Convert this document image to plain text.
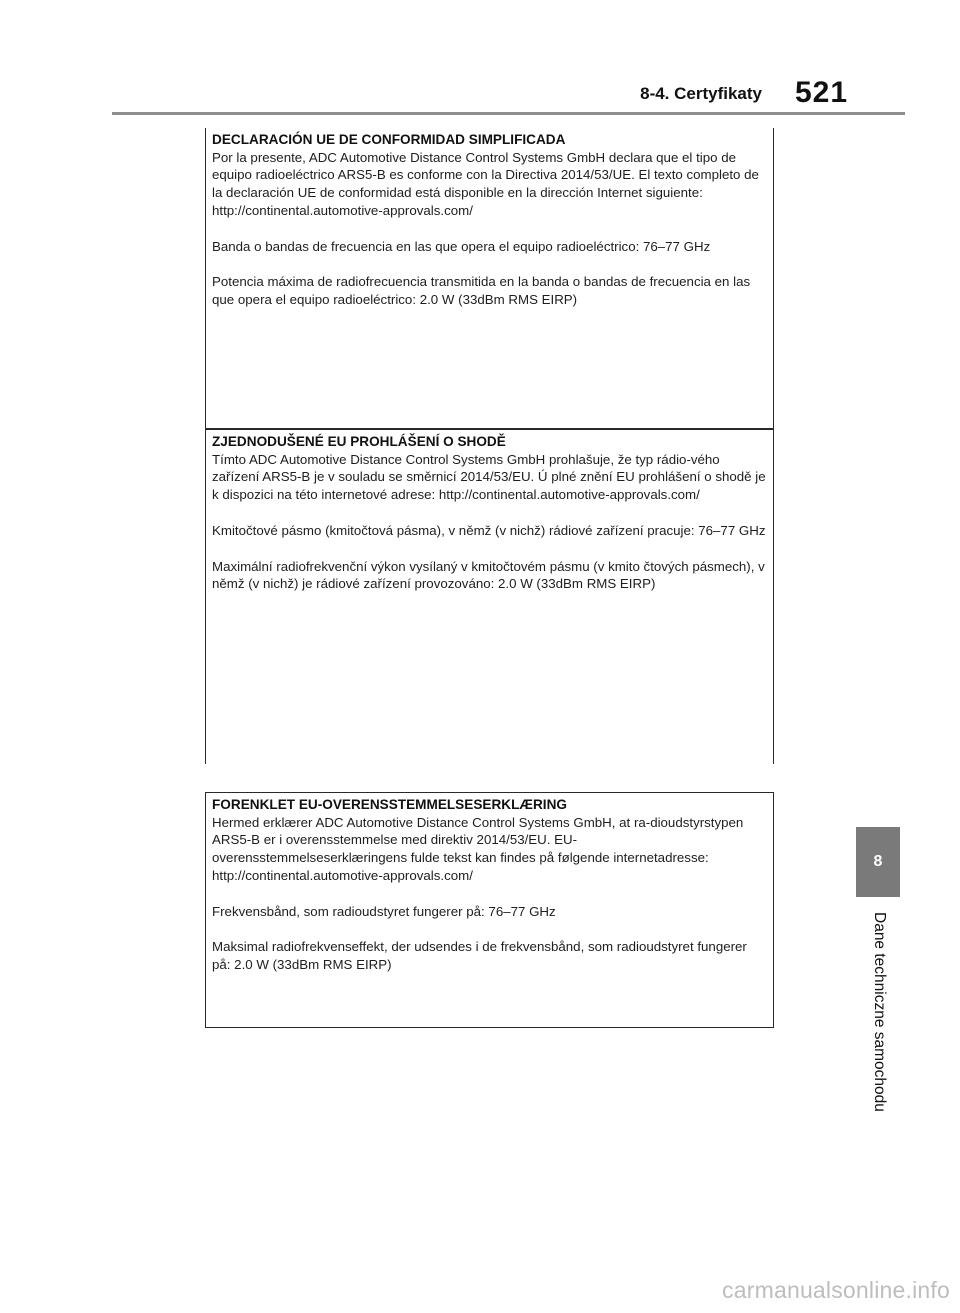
8-4. Certyfikaty 521
DECLARACIÓN UE DE CONFORMIDAD SIMPLIFICADA

Por la presente, ADC Automotive Distance Control Systems GmbH declara que el tipo de equipo radioeléctrico ARS5-B es conforme con la Directiva 2014/53/UE. El texto completo de la declaración UE de conformidad está disponible en la dirección Internet siguiente: http://continental.automotive-approvals.com/

Banda o bandas de frecuencia en las que opera el equipo radioeléctrico: 76–77 GHz

Potencia máxima de radiofrecuencia transmitida en la banda o bandas de frecuencia en las que opera el equipo radioeléctrico: 2.0 W (33dBm RMS EIRP)

ZJEDNODUŠENÉ EU PROHLÁŠENÍ O SHODĚ

Tímto ADC Automotive Distance Control Systems GmbH prohlašuje, že typ rádio-vého zařízení ARS5-B je v souladu se směrnicí 2014/53/EU. Ú plné znění EU prohlášení o shodě je k dispozici na této internetové adrese: http://continental.automotive-approvals.com/

Kmitočtové pásmo (kmitočtová pásma), v němž (v nichž) rádiové zařízení pracuje: 76–77 GHz

Maximální radiofrekvenční výkon vysílaný v kmitočtovém pásmu (v kmito čtových pásmech), v němž (v nichž) je rádiové zařízení provozováno: 2.0 W (33dBm RMS EIRP)

FORENKLET EU-OVERENSSTEMMELSESERKLÆRING

Hermed erklærer ADC Automotive Distance Control Systems GmbH, at ra-dioudstyrstypen ARS5-B er i overensstemmelse med direktiv 2014/53/EU. EU-overensstemmelseserklæringens fulde tekst kan findes på følgende internetadresse: http://continental.automotive-approvals.com/

Frekvensbånd, som radioudstyret fungerer på: 76–77 GHz

Maksimal radiofrekvenseffekt, der udsendes i de frekvensbånd, som radioudstyret fungerer på: 2.0 W (33dBm RMS EIRP)

8
Dane techniczne samochodu
carmanualsonline.info
